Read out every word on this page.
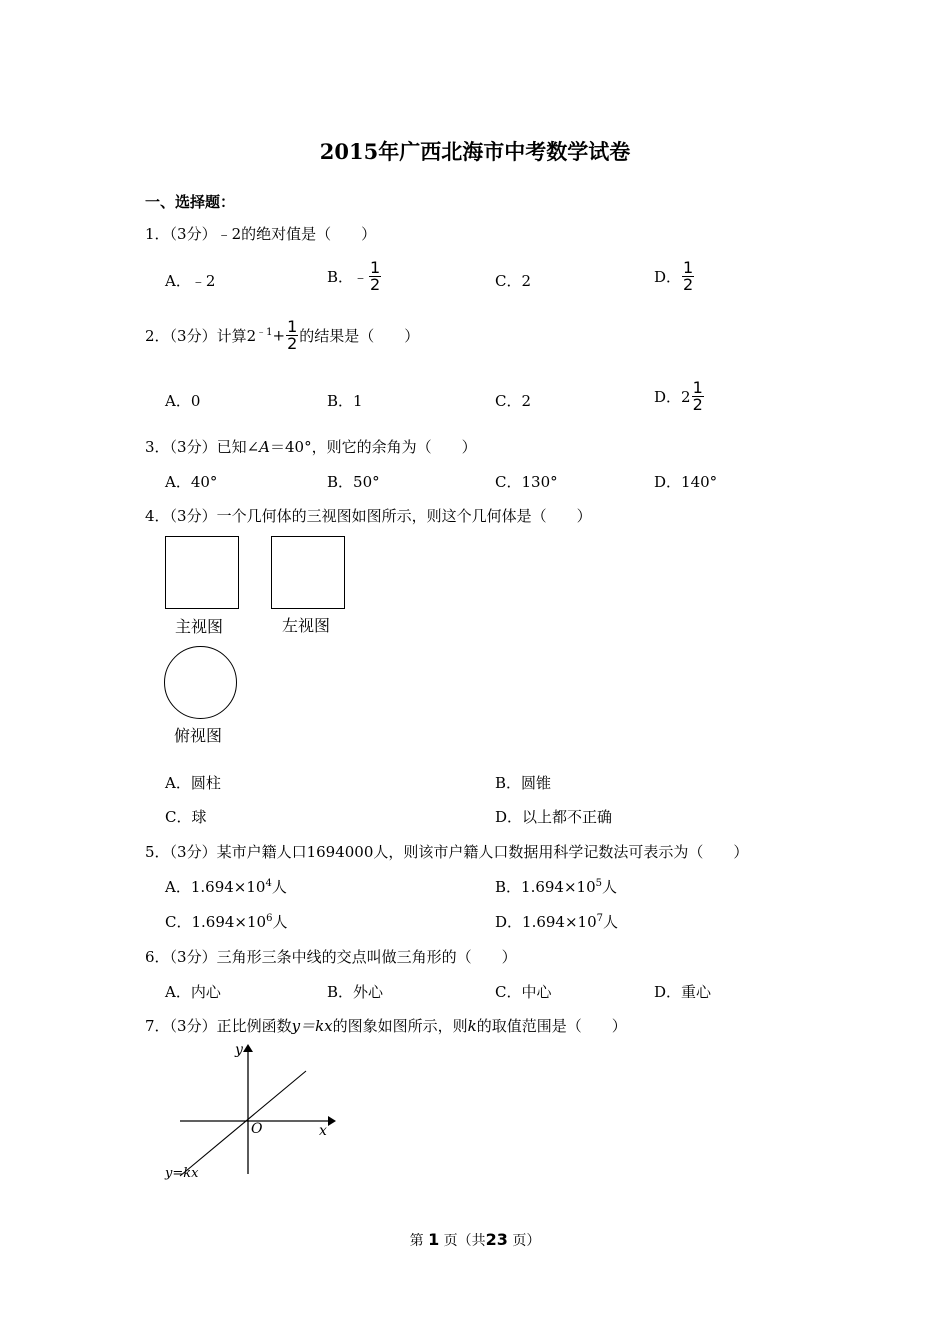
2015年广西北海市中考数学试卷
一、选择题：
1．（3分）﹣2的绝对值是（　　）
A．﹣2	B．﹣ $\frac{1}{2}$	C．2	D． $\frac{1}{2}$
2．（3分）计算$2^{﹣1}+ \frac{1}{2}$ 的结果是（　　）
A．0	B．1	C．2	D．$2 \frac{1}{2}$
3．（3分）已知∠A＝40°，则它的余角为（　　）
A．40°	B．50°	C．130°	D．140°
4．（3分）一个几何体的三视图如图所示，则这个几何体是（　　）
主视图	左视图
俯视图
A．圆柱	B．圆锥
C．球	D．以上都不正确
5．（3分）某市户籍人口1694000人，则该市户籍人口数据用科学记数法可表示为（　　）
A．$1.694\times 10^4$人	B．$1.694\times 10^5$人
C．$1.694\times 10^6$人	D．$1.694\times 10^7$人
6．（3分）三角形三条中线的交点叫做三角形的（　　）
A．内心	B．外心	C．中心	D．重心
7．（3分）正比例函数y＝kx的图象如图所示，则k的取值范围是（　　）
y
x
O
y=kx
第 1 页（共23 页）
